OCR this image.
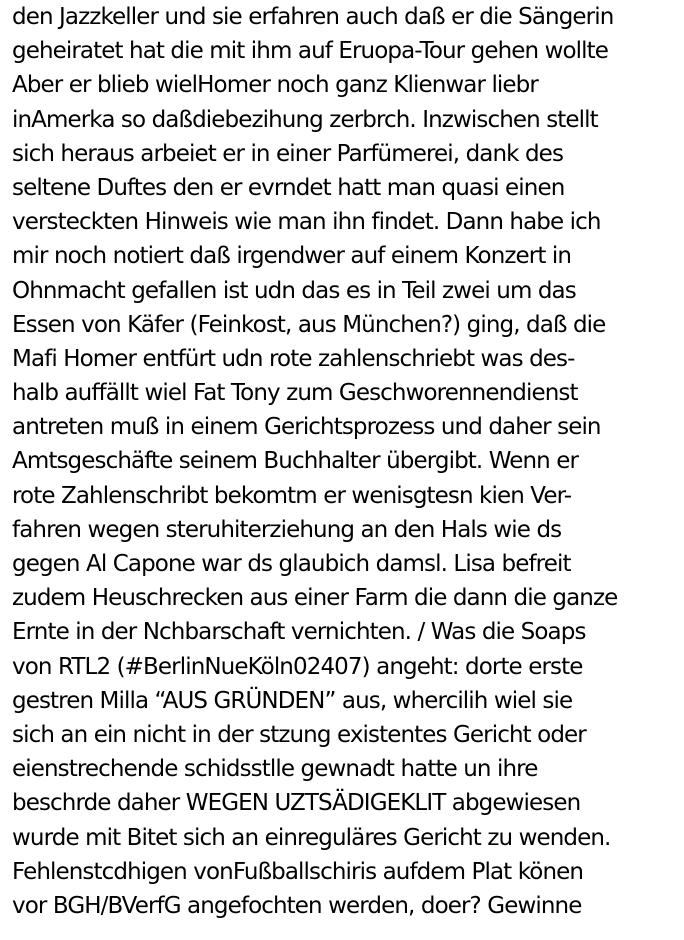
den Jazzkeller und sie erfahren auch daß er die Sängerin
geheiratet hat die mit ihm auf Eruopa-Tour gehen wollte
Aber er blieb wielHomer noch ganz Klienwar liebr
inAmerka so daßdiebezihung zerbrch. Inzwischen stellt
sich heraus arbeiet er in einer Parfümerei, dank des
seltene Duftes den er evrndet hatt man quasi einen
versteckten Hinweis wie man ihn findet. Dann habe ich
mir noch notiert daß irgendwer auf einem Konzert in
Ohnmacht gefallen ist udn das es in Teil zwei um das
Essen von Käfer (Feinkost, aus München?) ging, daß die
Mafi Homer entfürt udn rote zahlenschriebt was des-
halb auffällt wiel Fat Tony zum Geschworennendienst
antreten muß in einem Gerichtsprozess und daher sein
Amtsgeschäfte seinem Buchhalter übergibt. Wenn er
rote Zahlenschribt bekomtm er wenisgtesn kien Ver-
fahren wegen steruhiterziehung an den Hals wie ds
gegen Al Capone war ds glaubich damsl. Lisa befreit
zudem Heuschrecken aus einer Farm die dann die ganze
Ernte in der Nchbarschaft vernichten. / Was die Soaps
von RTL2 (#BerlinNueKöln02407) angeht: dorte erste
gestren Milla “AUS GRÜNDEN” aus, whercilih wiel sie
sich an ein nicht in der stzung existentes Gericht oder
eienstrechende schidsstlle gewnadt hatte un ihre
beschrde daher WEGEN UZTSÄDIGEKLIT abgewiesen
wurde mit Bitet sich an einreguläres Gericht zu wenden.
Fehlenstcdhigen vonFußballschiris aufdem Plat könen
vor BGH/BVerfG angefochten werden, doer? Gewinne
